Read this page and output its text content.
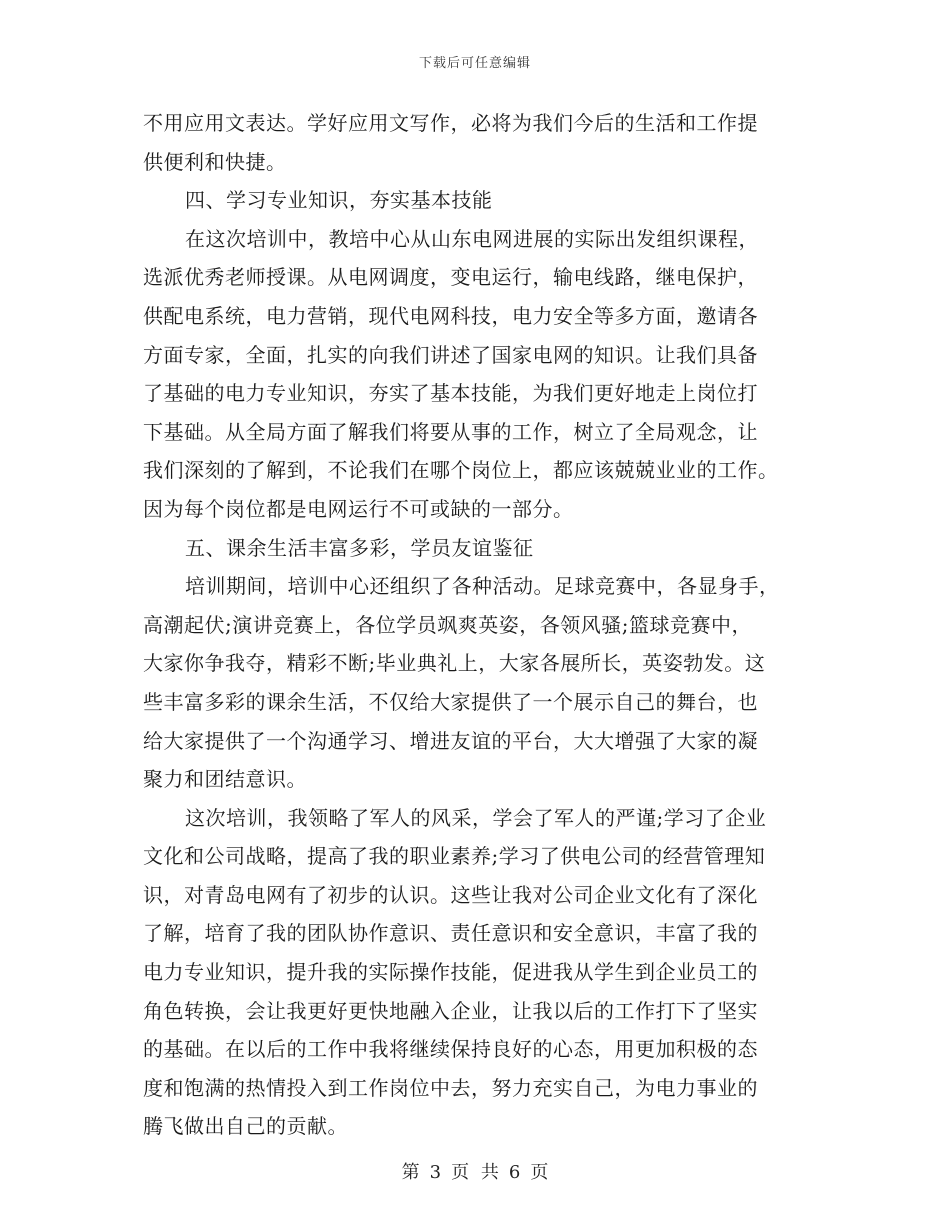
下载后可任意编辑
不用应用文表达。学好应用文写作，必将为我们今后的生活和工作提
供便利和快捷。
四、学习专业知识，夯实基本技能
在这次培训中，教培中心从山东电网进展的实际出发组织课程，
选派优秀老师授课。从电网调度，变电运行，输电线路，继电保护，
供配电系统，电力营销，现代电网科技，电力安全等多方面，邀请各
方面专家，全面，扎实的向我们讲述了国家电网的知识。让我们具备
了基础的电力专业知识，夯实了基本技能，为我们更好地走上岗位打
下基础。从全局方面了解我们将要从事的工作，树立了全局观念，让
我们深刻的了解到，不论我们在哪个岗位上，都应该兢兢业业的工作。
因为每个岗位都是电网运行不可或缺的一部分。
五、课余生活丰富多彩，学员友谊鉴征
培训期间，培训中心还组织了各种活动。足球竞赛中，各显身手，
高潮起伏;演讲竞赛上，各位学员飒爽英姿，各领风骚;篮球竞赛中，
大家你争我夺，精彩不断;毕业典礼上，大家各展所长，英姿勃发。这
些丰富多彩的课余生活，不仅给大家提供了一个展示自己的舞台，也
给大家提供了一个沟通学习、增进友谊的平台，大大增强了大家的凝
聚力和团结意识。
这次培训，我领略了军人的风采，学会了军人的严谨;学习了企业
文化和公司战略，提高了我的职业素养;学习了供电公司的经营管理知
识，对青岛电网有了初步的认识。这些让我对公司企业文化有了深化
了解，培育了我的团队协作意识、责任意识和安全意识，丰富了我的
电力专业知识，提升我的实际操作技能，促进我从学生到企业员工的
角色转换，会让我更好更快地融入企业，让我以后的工作打下了坚实
的基础。在以后的工作中我将继续保持良好的心态，用更加积极的态
度和饱满的热情投入到工作岗位中去，努力充实自己，为电力事业的
腾飞做出自己的贡献。
第 3 页 共 6 页
